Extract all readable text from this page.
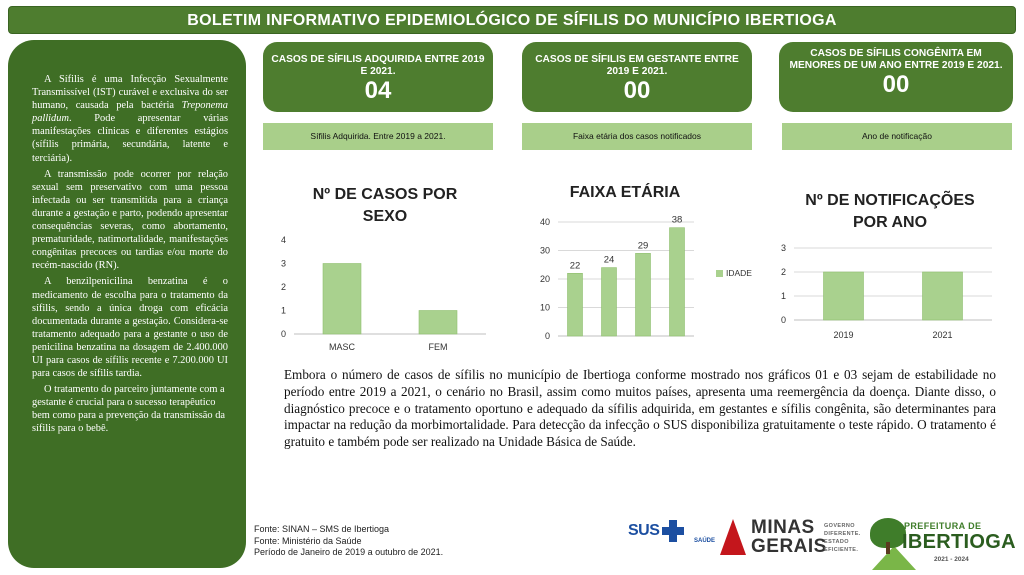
BOLETIM INFORMATIVO EPIDEMIOLÓGICO DE SÍFILIS DO MUNICÍPIO IBERTIOGA

A Sífilis é uma Infecção Sexualmente Transmissível (IST) curável e exclusiva do ser humano, causada pela bactéria Treponema pallidum. Pode apresentar várias manifestações clínicas e diferentes estágios (sífilis primária, secundária, latente e terciária).

A transmissão pode ocorrer por relação sexual sem preservativo com uma pessoa infectada ou ser transmitida para a criança durante a gestação e parto, podendo apresentar consequências severas, como abortamento, prematuridade, natimortalidade, manifestações congênitas precoces ou tardias e/ou morte do recém-nascido (RN).

A benzilpenicilina benzatina é o medicamento de escolha para o tratamento da sífilis, sendo a única droga com eficácia documentada durante a gestação. Considera-se tratamento adequado para a gestante o uso de penicilina benzatina na dosagem de 2.400.000 UI para casos de sífilis recente e 7.200.000 UI para casos de sífilis tardia.

O tratamento do parceiro juntamente com a gestante é crucial para o sucesso terapêutico bem como para a prevenção da transmissão da sífilis para o bebê.

CASOS DE SÍFILIS ADQUIRIDA ENTRE 2019 E 2021.
04
CASOS DE SÍFILIS EM GESTANTE ENTRE 2019 E 2021.
00
CASOS DE SÍFILIS CONGÊNITA EM MENORES DE UM ANO ENTRE 2019 E 2021.
00
Sífilis Adquirida. Entre 2019 a 2021.	Faixa etária dos casos notificados	Ano de notificação
Nº DE CASOS POR SEXO
0
1
2
3
4
MASC	FEM
FAIXA ETÁRIA
0
10
20
30
40
22
24
29
38
IDADE
Nº DE NOTIFICAÇÕES POR ANO
0
1
2
3
2019	2021
Embora o número de casos de sífilis no município de Ibertioga conforme mostrado nos gráficos 01 e 03 sejam de estabilidade no período entre 2019 a 2021, o cenário no Brasil, assim como muitos países, apresenta uma reemergência da doença. Diante disso, o diagnóstico precoce e o tratamento oportuno e adequado da sífilis adquirida, em gestantes e sífilis congênita, são determinantes para impactar na redução da morbimortalidade. Para detecção da infecção o SUS disponibiliza gratuitamente o teste rápido. O tratamento é gratuito e também pode ser realizado na Unidade Básica de Saúde.
Fonte: SINAN – SMS de Ibertioga
Fonte: Ministério da Saúde
Período de Janeiro de 2019 a outubro de 2021.
SUS
SAÚDE
MINAS
GERAIS
GOVERNO
DIFERENTE.
ESTADO
EFICIENTE.
PREFEITURA DE
IBERTIOGA
2021 - 2024
